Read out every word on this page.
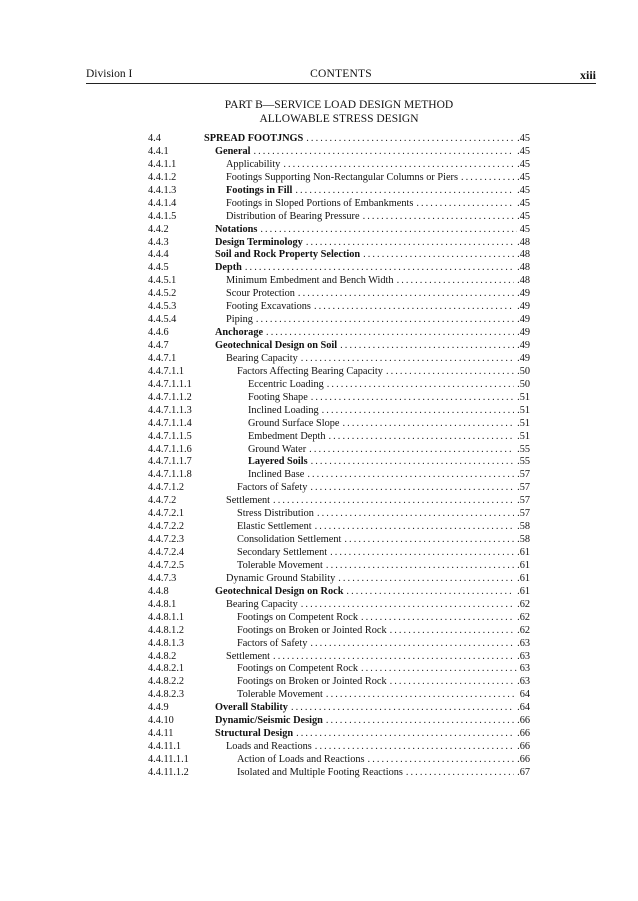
Division I	CONTENTS	xiii
PART B—SERVICE LOAD DESIGN METHOD
ALLOWABLE STRESS DESIGN
4.4	SPREAD FOOTJNGS . . .	.45
4.4.1	General . . .	.45
4.4.1.1	Applicability . . .	.45
4.4.1.2	Footings Supporting Non-Rectangular Columns or Piers . . .	.45
4.4.1.3	Footings in Fill . . .	.45
4.4.1.4	Footings in Sloped Portions of Embankments . . .	.45
4.4.1.5	Distribution of Bearing Pressure . . .	.45
4.4.2	Notations . . .	45
4.4.3	Design Terminology . . .	.48
4.4.4	Soil and Rock Property Selection . . .	.48
4.4.5	Depth . . .	.48
4.4.5.1	Minimum Embedment and Bench Width . . .	.48
4.4.5.2	Scour Protection . . .	.49
4.4.5.3	Footing Excavations . . .	.49
4.4.5.4	Piping . . .	.49
4.4.6	Anchorage . . .	.49
4.4.7	Geotechnical Design on Soil . . .	.49
4.4.7.1	Bearing Capacity . . .	.49
4.4.7.1.1	Factors Affecting Bearing Capacity . . .	.50
4.4.7.1.1.1	Eccentric Loading . . .	.50
4.4.7.1.1.2	Footing Shape . . .	.51
4.4.7.1.1.3	Inclined Loading . . .	.51
4.4.7.1.1.4	Ground Surface Slope . . .	.51
4.4.7.1.1.5	Embedment Depth . . .	.51
4.4.7.1.1.6	Ground Water . . .	.55
4.4.7.1.1.7	Layered Soils . . .	.55
4.4.7.1.1.8	Inclined Base . . .	.57
4.4.7.1.2	Factors of Safety . . .	.57
4.4.7.2	Settlement . . .	.57
4.4.7.2.1	Stress Distribution . . .	.57
4.4.7.2.2	Elastic Settlement . . .	.58
4.4.7.2.3	Consolidation Settlement . . .	.58
4.4.7.2.4	Secondary Settlement . . .	.61
4.4.7.2.5	Tolerable Movement . . .	.61
4.4.7.3	Dynamic Ground Stability . . .	.61
4.4.8	Geotechnical Design on Rock . . .	.61
4.4.8.1	Bearing Capacity . . .	.62
4.4.8.1.1	Footings on Competent Rock . . .	.62
4.4.8.1.2	Footings on Broken or Jointed Rock . . .	.62
4.4.8.1.3	Factors of Safety . . .	.63
4.4.8.2	Settlement . . .	.63
4.4.8.2.1	Footings on Competent Rock . . .	63
4.4.8.2.2	Footings on Broken or Jointed Rock . . .	.63
4.4.8.2.3	Tolerable Movement . . .	64
4.4.9	Overall Stability . . .	.64
4.4.10	Dynamic/Seismic Design . . .	.66
4.4.11	Structural Design . . .	.66
4.4.11.1	Loads and Reactions . . .	.66
4.4.11.1.1	Action of Loads and Reactions . . .	.66
4.4.11.1.2	Isolated and Multiple Footing Reactions . . .	.67
